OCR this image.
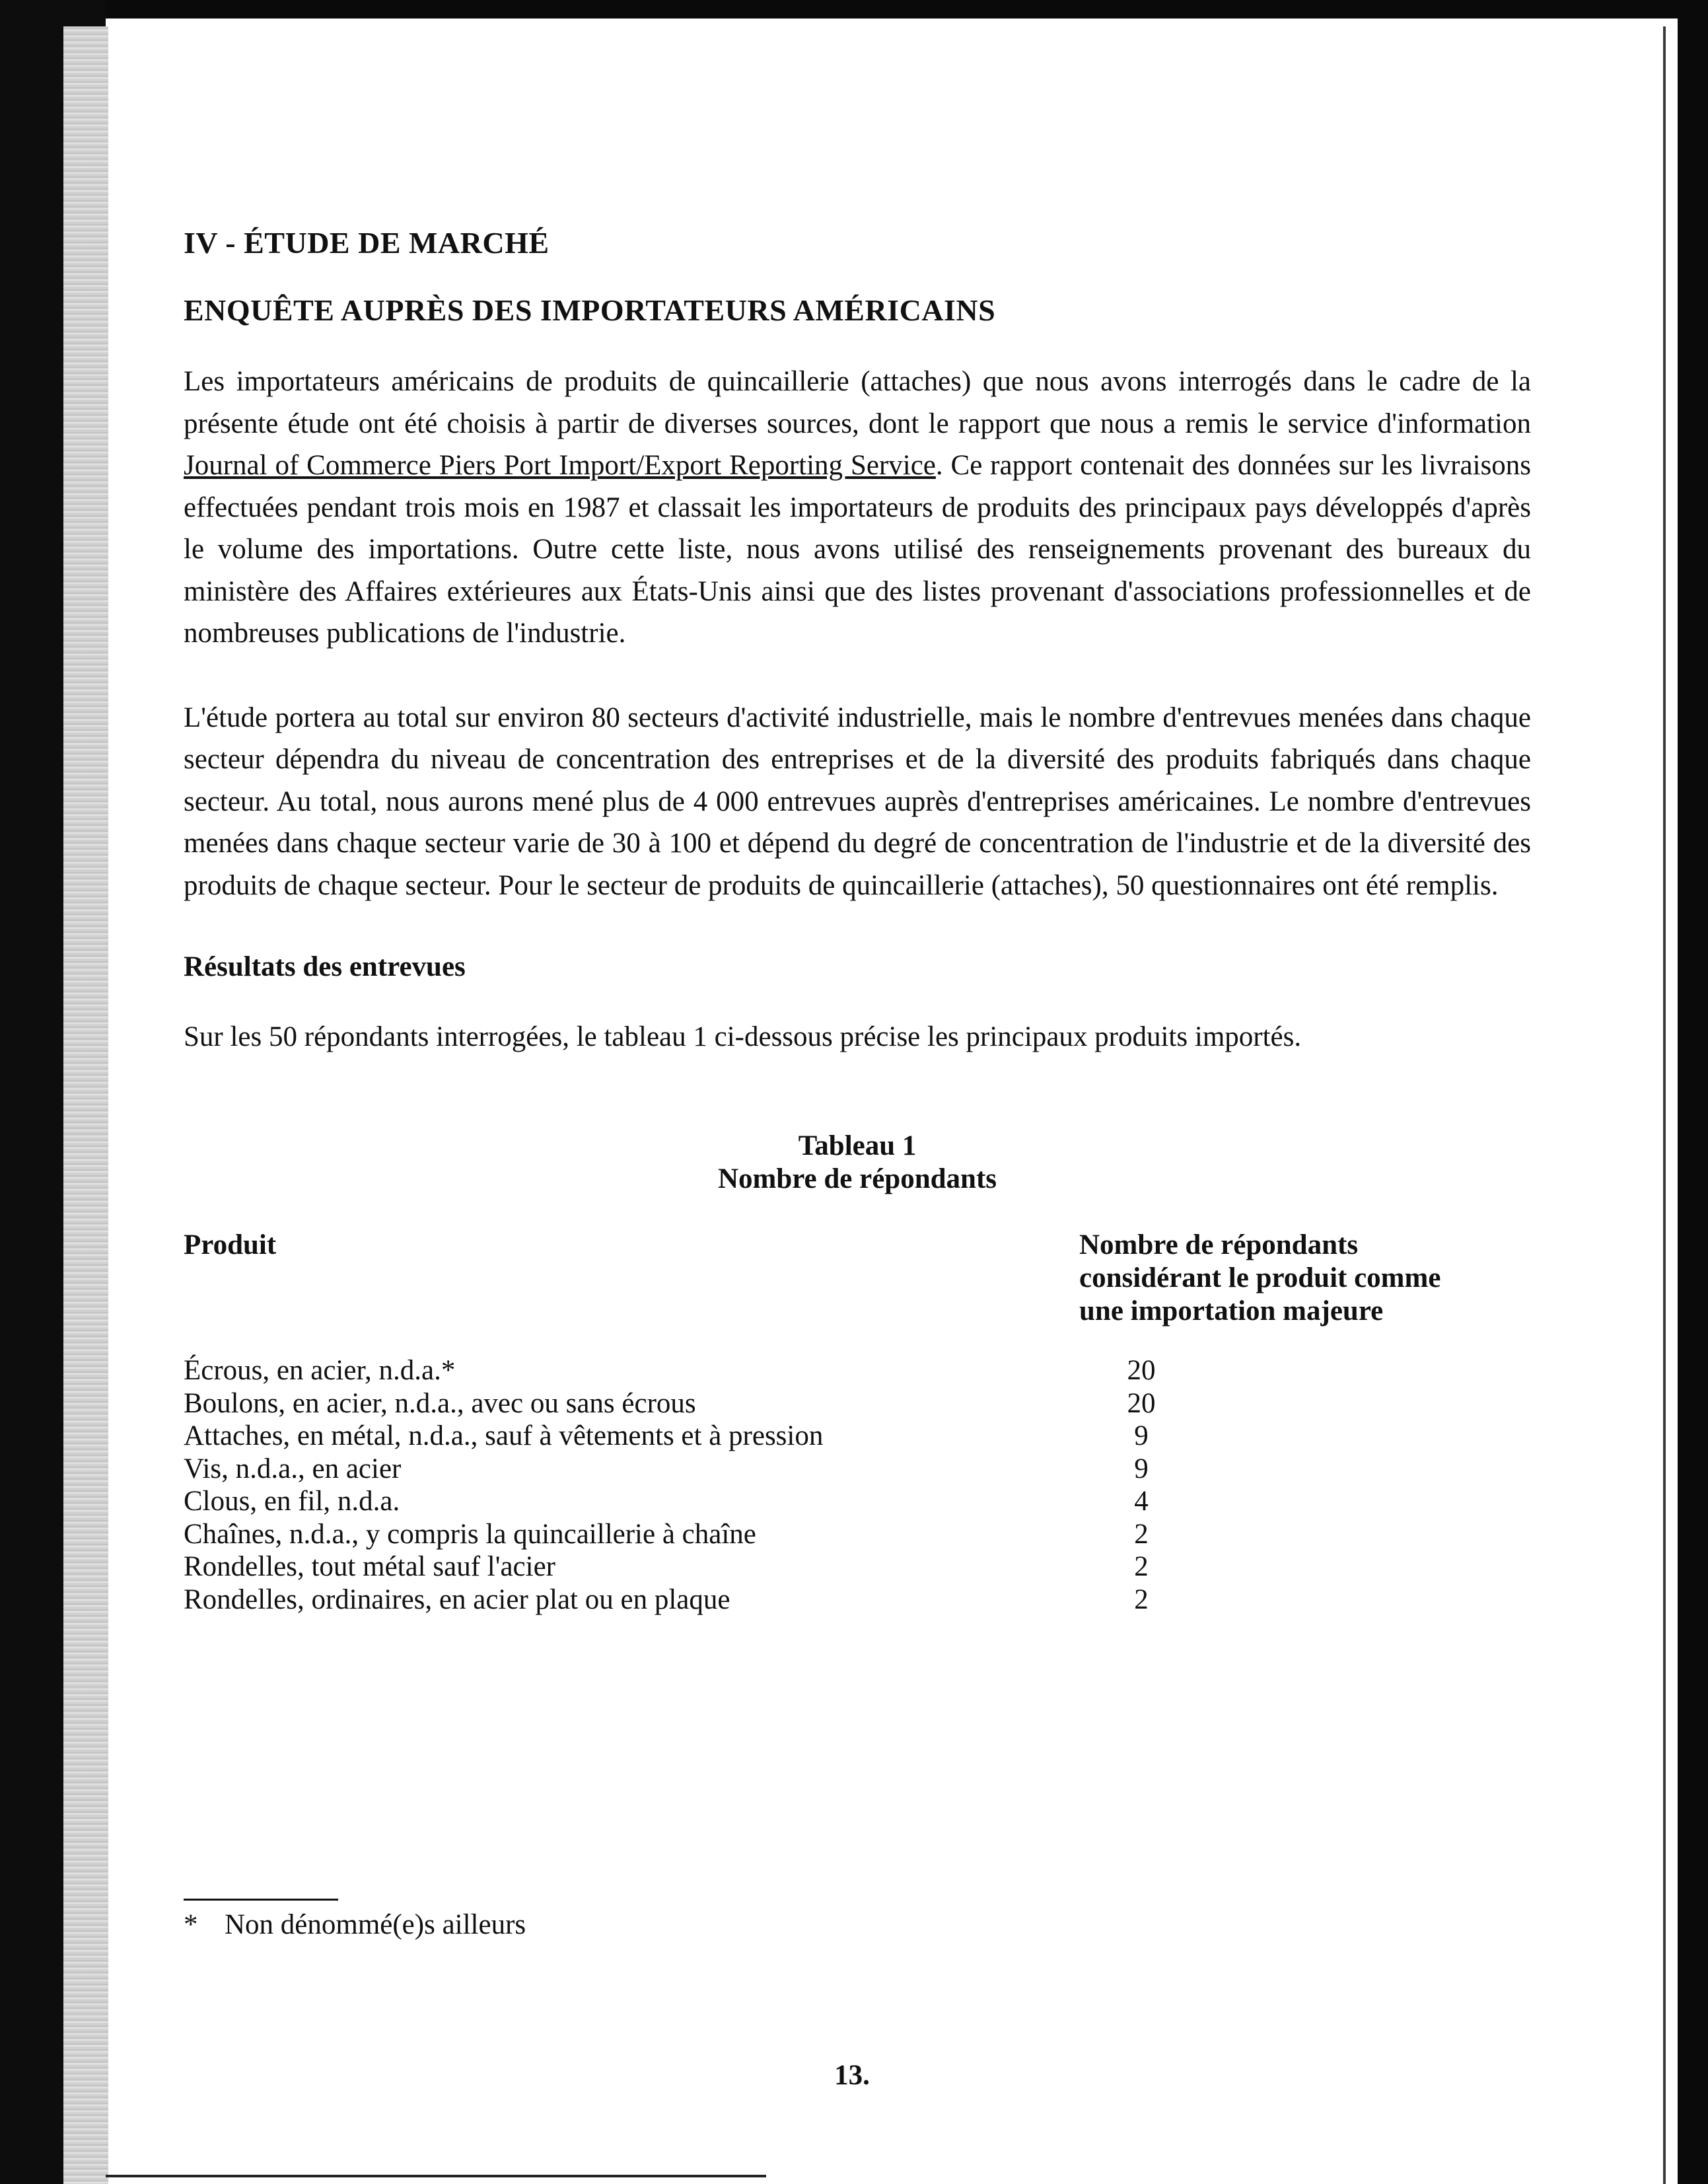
IV - ÉTUDE DE MARCHÉ
ENQUÊTE AUPRÈS DES IMPORTATEURS AMÉRICAINS

Les importateurs américains de produits de quincaillerie (attaches) que nous avons interrogés dans le cadre de la présente étude ont été choisis à partir de diverses sources, dont le rapport que nous a remis le service d'information Journal of Commerce Piers Port Import/Export Reporting Service. Ce rapport contenait des données sur les livraisons effectuées pendant trois mois en 1987 et classait les importateurs de produits des principaux pays développés d'après le volume des importations. Outre cette liste, nous avons utilisé des renseignements provenant des bureaux du ministère des Affaires extérieures aux États-Unis ainsi que des listes provenant d'associations professionnelles et de nombreuses publications de l'industrie.

L'étude portera au total sur environ 80 secteurs d'activité industrielle, mais le nombre d'entrevues menées dans chaque secteur dépendra du niveau de concentration des entreprises et de la diversité des produits fabriqués dans chaque secteur. Au total, nous aurons mené plus de 4 000 entrevues auprès d'entreprises américaines. Le nombre d'entrevues menées dans chaque secteur varie de 30 à 100 et dépend du degré de concentration de l'industrie et de la diversité des produits de chaque secteur. Pour le secteur de produits de quincaillerie (attaches), 50 questionnaires ont été remplis.

Résultats des entrevues
Sur les 50 répondants interrogées, le tableau 1 ci-dessous précise les principaux produits importés.
Tableau 1
Nombre de répondants
Produit	Nombre de répondants
considérant le produit comme
une importation majeure
Écrous, en acier, n.d.a.*	20
Boulons, en acier, n.d.a., avec ou sans écrous	20
Attaches, en métal, n.d.a., sauf à vêtements et à pression	9
Vis, n.d.a., en acier	9
Clous, en fil, n.d.a.	4
Chaînes, n.d.a., y compris la quincaillerie à chaîne	2
Rondelles, tout métal sauf l'acier	2
Rondelles, ordinaires, en acier plat ou en plaque	2
* Non dénommé(e)s ailleurs
13.
